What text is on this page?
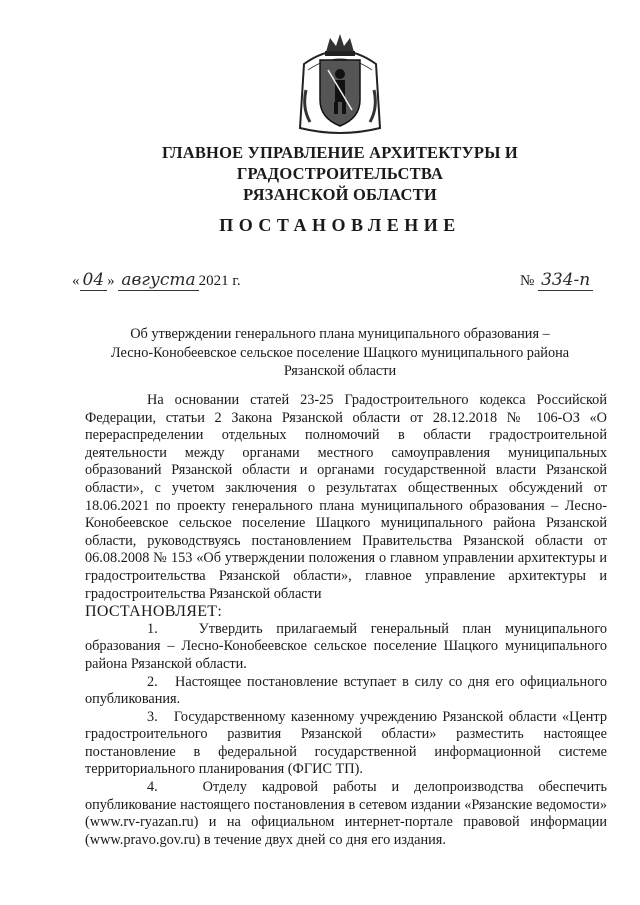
ГЛАВНОЕ УПРАВЛЕНИЕ АРХИТЕКТУРЫ И ГРАДОСТРОИТЕЛЬСТВА
РЯЗАНСКОЙ ОБЛАСТИ
ПОСТАНОВЛЕНИЕ
« 04 » августа 2021 г.	№ 334-п
Об утверждении генерального плана муниципального образования –
Лесно-Конобеевское сельское поселение Шацкого муниципального района
Рязанской области

На основании статей 23-25 Градостроительного кодекса Российской Федерации, статьи 2 Закона Рязанской области от 28.12.2018 № 106-ОЗ «О перераспределении отдельных полномочий в области градостроительной деятельности между органами местного самоуправления муниципальных образований Рязанской области и органами государственной власти Рязанской области», с учетом заключения о результатах общественных обсуждений от 18.06.2021 по проекту генерального плана муниципального образования – Лесно-Конобеевское сельское поселение Шацкого муниципального района Рязанской области, руководствуясь постановлением Правительства Рязанской области от 06.08.2008 № 153 «Об утверждении положения о главном управлении архитектуры и градостроительства Рязанской области», главное управление архитектуры и градостроительства Рязанской области

ПОСТАНОВЛЯЕТ:

1.   Утвердить прилагаемый генеральный план муниципального образования – Лесно-Конобеевское сельское поселение Шацкого муниципального района Рязанской области.

2.   Настоящее постановление вступает в силу со дня его официального опубликования.

3.   Государственному казенному учреждению Рязанской области «Центр градостроительного развития Рязанской области» разместить настоящее постановление в федеральной государственной информационной системе территориального планирования (ФГИС ТП).

4.   Отделу кадровой работы и делопроизводства обеспечить опубликование настоящего постановления в сетевом издании «Рязанские ведомости» (www.rv-ryazan.ru) и на официальном интернет-портале правовой информации (www.pravo.gov.ru) в течение двух дней со дня его издания.
